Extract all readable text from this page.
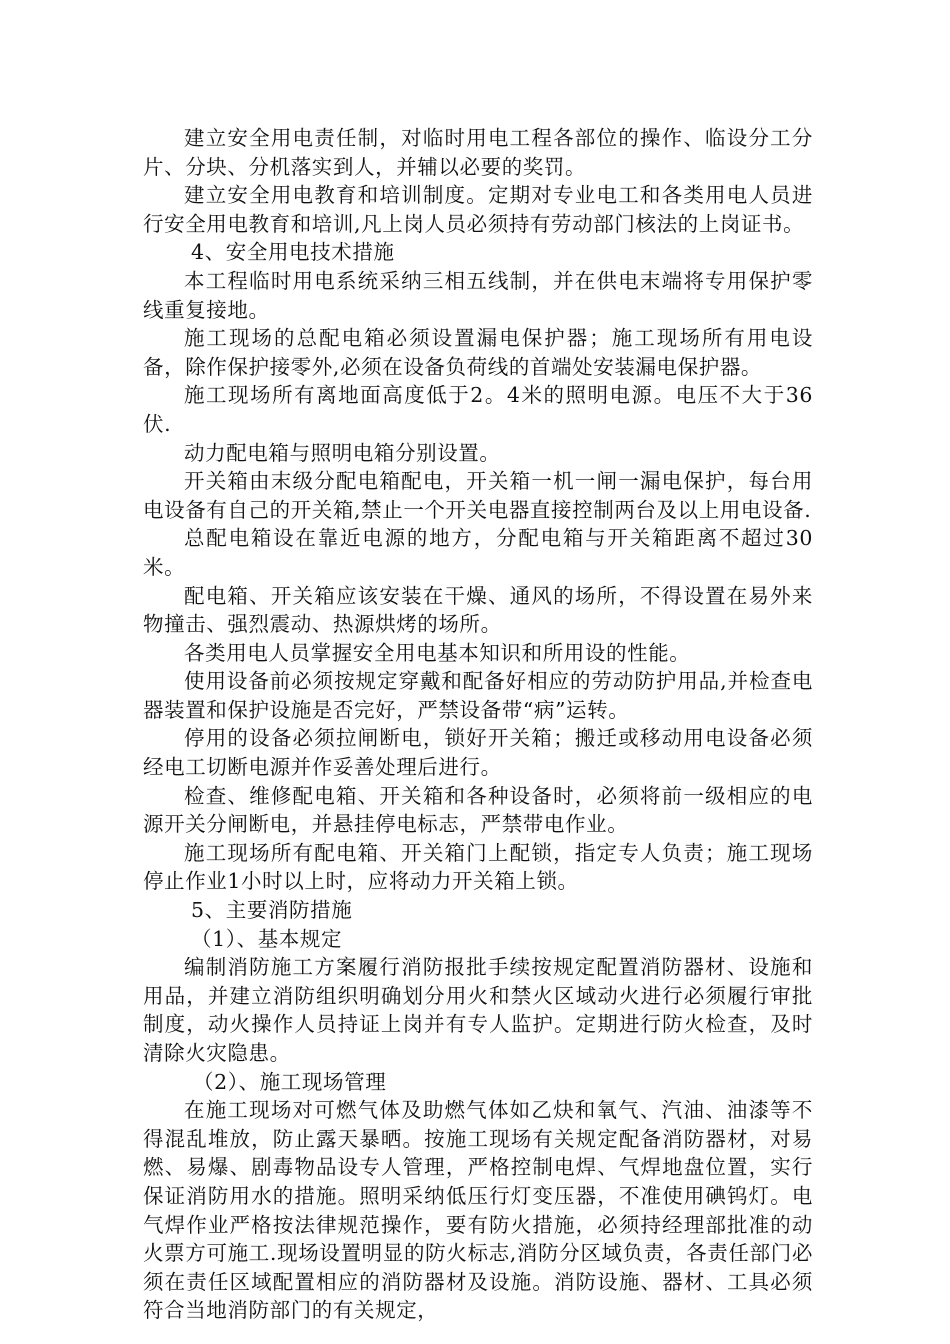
建立安全用电责任制，对临时用电工程各部位的操作、临设分工分片、分块、分机落实到人，并辅以必要的奖罚。

建立安全用电教育和培训制度。定期对专业电工和各类用电人员进行安全用电教育和培训,凡上岗人员必须持有劳动部门核法的上岗证书。

4、安全用电技术措施

本工程临时用电系统采纳三相五线制，并在供电末端将专用保护零线重复接地。

施工现场的总配电箱必须设置漏电保护器；施工现场所有用电设备，除作保护接零外,必须在设备负荷线的首端处安装漏电保护器。

施工现场所有离地面高度低于2。4米的照明电源。电压不大于36伏.

动力配电箱与照明电箱分别设置。

开关箱由末级分配电箱配电，开关箱一机一闸一漏电保护，每台用电设备有自己的开关箱,禁止一个开关电器直接控制两台及以上用电设备.

总配电箱设在靠近电源的地方，分配电箱与开关箱距离不超过30米。

配电箱、开关箱应该安装在干燥、通风的场所，不得设置在易外来物撞击、强烈震动、热源烘烤的场所。

各类用电人员掌握安全用电基本知识和所用设的性能。

使用设备前必须按规定穿戴和配备好相应的劳动防护用品,并检查电器装置和保护设施是否完好，严禁设备带“病”运转。

停用的设备必须拉闸断电，锁好开关箱；搬迁或移动用电设备必须经电工切断电源并作妥善处理后进行。

检查、维修配电箱、开关箱和各种设备时，必须将前一级相应的电源开关分闸断电，并悬挂停电标志，严禁带电作业。

施工现场所有配电箱、开关箱门上配锁，指定专人负责；施工现场停止作业1小时以上时，应将动力开关箱上锁。

5、主要消防措施

（1）、基本规定

编制消防施工方案履行消防报批手续按规定配置消防器材、设施和用品，并建立消防组织明确划分用火和禁火区域动火进行必须履行审批制度，动火操作人员持证上岗并有专人监护。定期进行防火检查，及时清除火灾隐患。

（2）、施工现场管理

在施工现场对可燃气体及助燃气体如乙炔和氧气、汽油、油漆等不得混乱堆放，防止露天暴晒。按施工现场有关规定配备消防器材，对易燃、易爆、剧毒物品设专人管理，严格控制电焊、气焊地盘位置，实行保证消防用水的措施。照明采纳低压行灯变压器，不准使用碘钨灯。电气焊作业严格按法律规范操作，要有防火措施，必须持经理部批准的动火票方可施工.现场设置明显的防火标志,消防分区域负责，各责任部门必须在责任区域配置相应的消防器材及设施。消防设施、器材、工具必须符合当地消防部门的有关规定，
